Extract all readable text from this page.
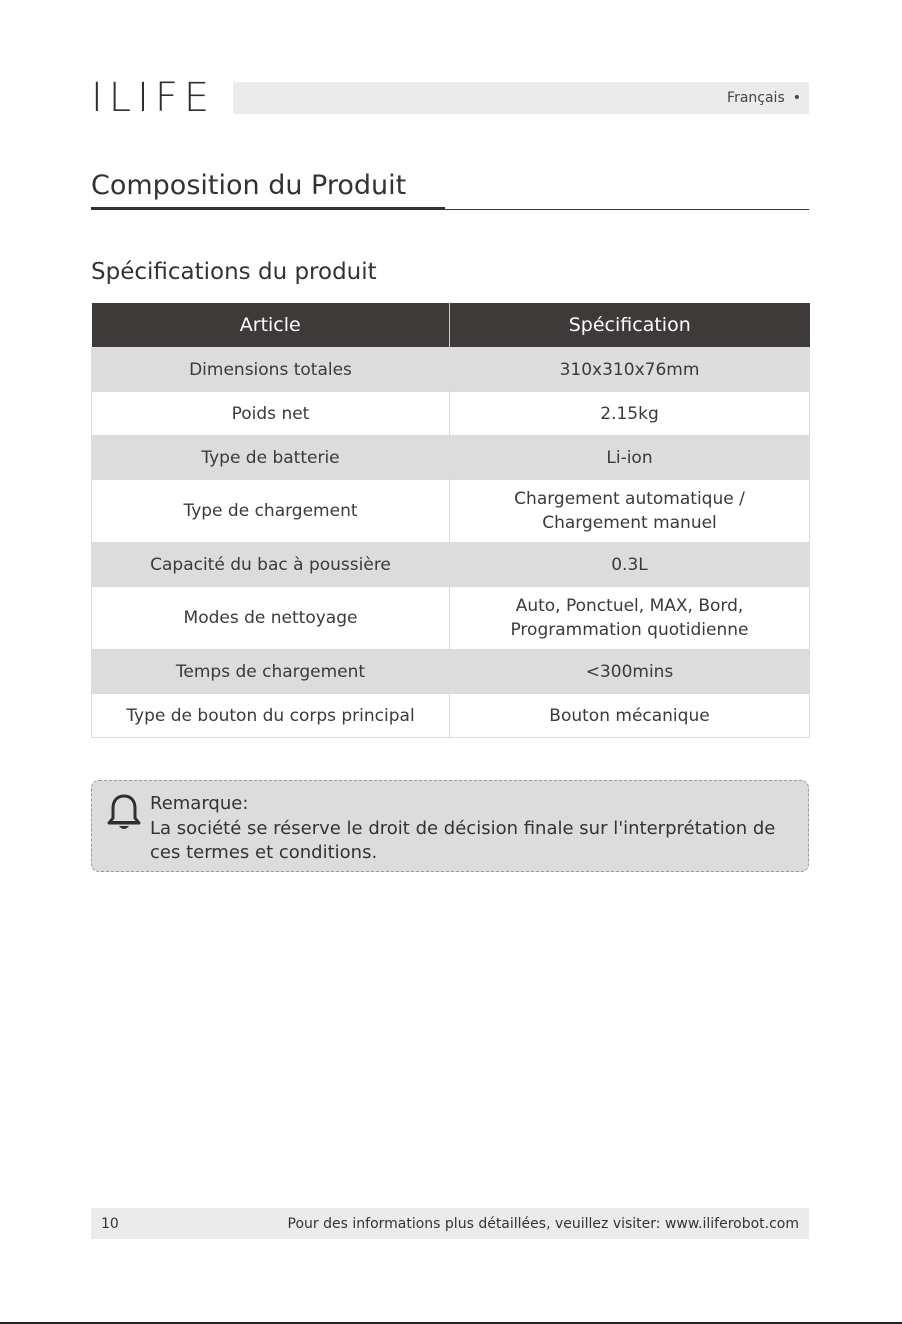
ILIFE	Français •
Composition du Produit
Spécifications du produit
Article	Spécification
Dimensions totales	310x310x76mm
Poids net	2.15kg
Type de batterie	Li-ion
Type de chargement	Chargement automatique /
Chargement manuel

Capacité du bac à poussière	0.3L
Modes de nettoyage	Auto, Ponctuel, MAX, Bord,
Programmation quotidienne

Temps de chargement	<300mins
Type de bouton du corps principal	Bouton mécanique
Remarque:
La société se réserve le droit de décision finale sur l'interprétation de ces termes et conditions.
10	Pour des informations plus détaillées, veuillez visiter: www.iliferobot.com
